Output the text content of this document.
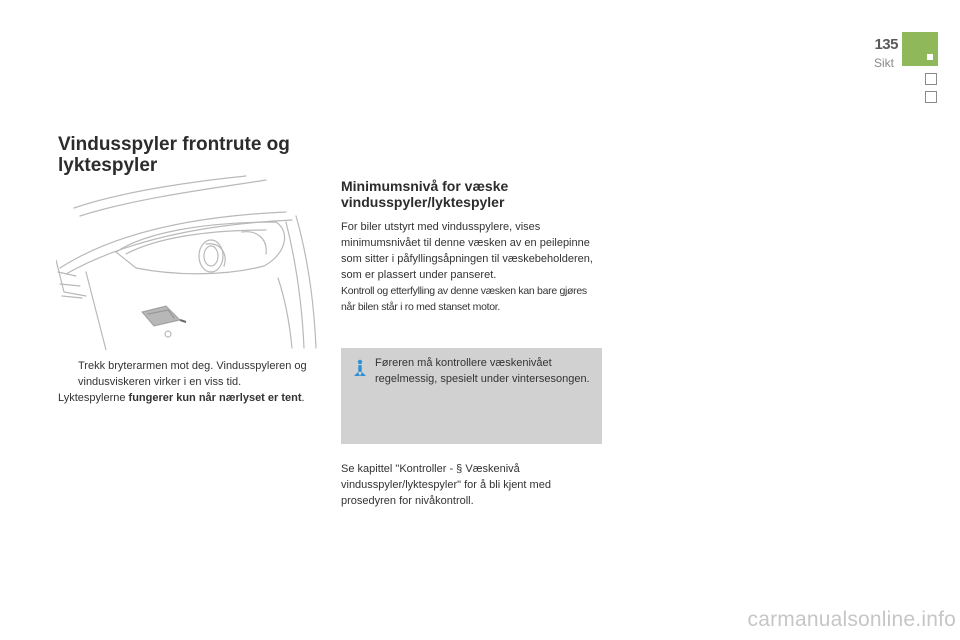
135
Sikt
Vindusspyler frontrute og lyktespyler
Trekk bryterarmen mot deg. Vindusspyleren og vindusviskeren virker i en viss tid.
Lyktespylerne fungerer kun når nærlyset er tent.
Minimumsnivå for væske vindusspyler/lyktespyler
For biler utstyrt med vindusspylere, vises minimumsnivået til denne væsken av en peilepinne som sitter i påfyllingsåpningen til væskebeholderen, som er plassert under panseret.
Kontroll og etterfylling av denne væsken kan bare gjøres når bilen står i ro med stanset motor.
Føreren må kontrollere væskenivået regelmessig, spesielt under vintersesongen.
Se kapittel "Kontroller - § Væskenivå vindusspyler/lyktespyler" for å bli kjent med prosedyren for nivåkontroll.
carmanualsonline.info
